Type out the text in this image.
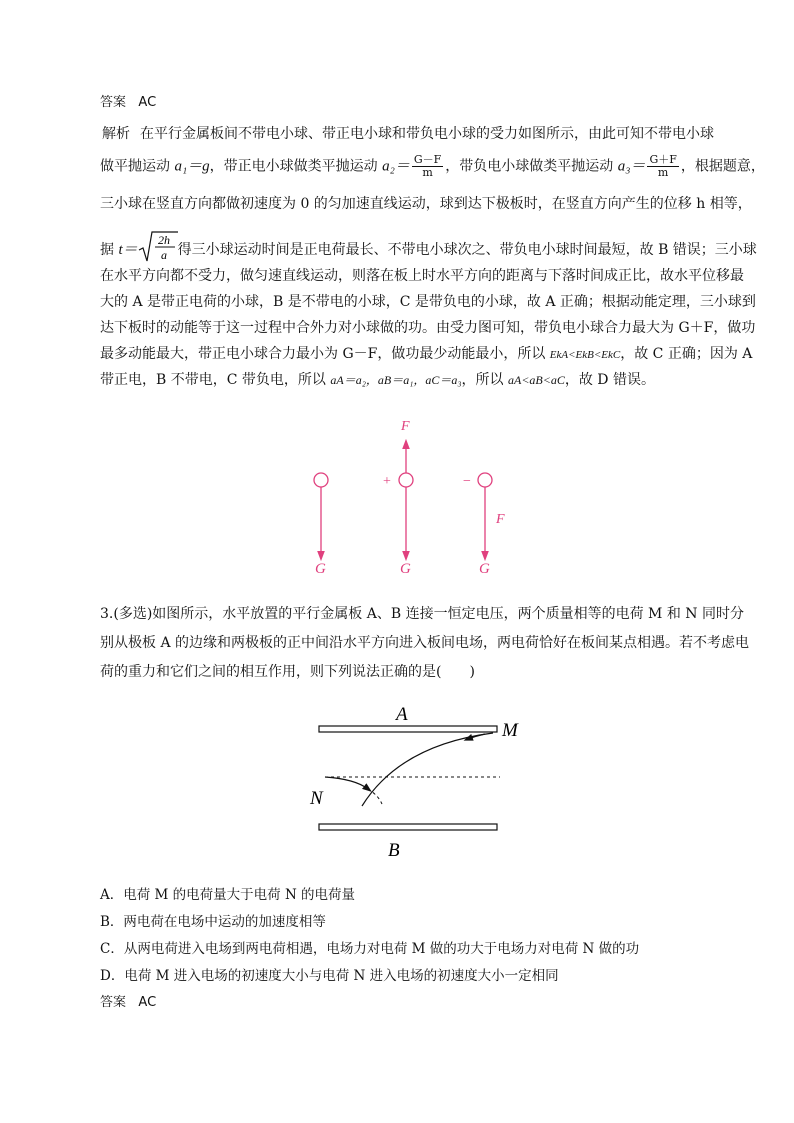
答案 AC
解析 在平行金属板间不带电小球、带正电小球和带负电小球的受力如图所示，由此可知不带电小球
做平抛运动 a₁＝g，带正电小球做类平抛运动 $a_2= \frac{G-F}{m}$ ，带负电小球做类平抛运动 $a_3= \frac{G+F}{m}$ ，根据题意，
三小球在竖直方向都做初速度为 0 的匀加速直线运动，球到达下极板时，在竖直方向产生的位移 h 相等，
据 t＝
2h
a 得三小球运动时间是正电荷最长、不带电小球次之、带负电小球时间最短，故 B 错误；三小球
在水平方向都不受力，做匀速直线运动，则落在板上时水平方向的距离与下落时间成正比，故水平位移最
大的 A 是带正电荷的小球，B 是不带电的小球，C 是带负电的小球，故 A 正确；根据动能定理，三小球到
达下板时的动能等于这一过程中合外力对小球做的功。由受力图可知，带负电小球合力最大为 G＋F，做功
最多动能最大，带正电小球合力最小为 G－F，做功最少动能最小，所以 EkA<EkB<EkC，故 C 正确；因为 A
带正电，B 不带电，C 带负电，所以 aA＝a₂，aB＝a₁，aC＝a₃，所以 aA<aB<aC，故 D 错误。
G
+
F
G
−
F
G
3.(多选)如图所示，水平放置的平行金属板 A、B 连接一恒定电压，两个质量相等的电荷 M 和 N 同时分
别从极板 A 的边缘和两极板的正中间沿水平方向进入板间电场，两电荷恰好在板间某点相遇。若不考虑电
荷的重力和它们之间的相互作用，则下列说法正确的是(　　)
A
B
M
N
A．电荷 M 的电荷量大于电荷 N 的电荷量
B．两电荷在电场中运动的加速度相等
C．从两电荷进入电场到两电荷相遇，电场力对电荷 M 做的功大于电场力对电荷 N 做的功
D．电荷 M 进入电场的初速度大小与电荷 N 进入电场的初速度大小一定相同
答案 AC
